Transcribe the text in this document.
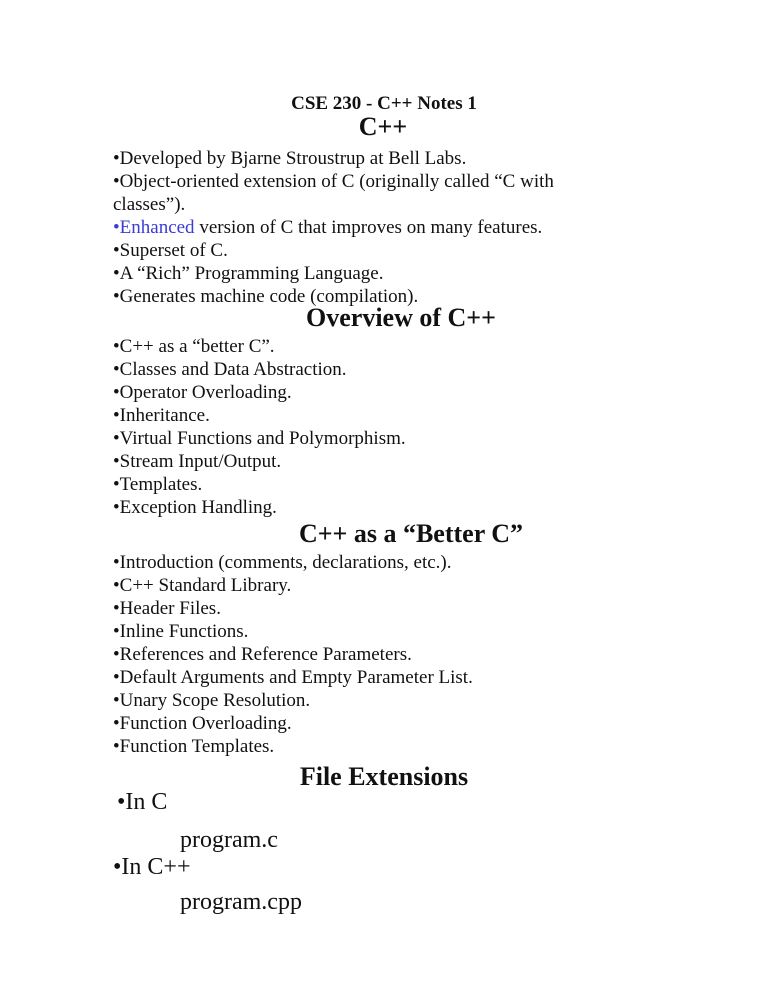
CSE 230 - C++ Notes 1
C++
•Developed by Bjarne Stroustrup at Bell Labs.
•Object-oriented extension of C (originally called “C with classes”).
•Enhanced version of C that improves on many features.
•Superset of C.
•A “Rich” Programming Language.
•Generates machine code (compilation).
Overview of C++
•C++ as a “better C”.
•Classes and Data Abstraction.
•Operator Overloading.
•Inheritance.
•Virtual Functions and Polymorphism.
•Stream Input/Output.
•Templates.
•Exception Handling.
C++ as a “Better C”
•Introduction (comments, declarations, etc.).
•C++ Standard Library.
•Header Files.
•Inline Functions.
•References and Reference Parameters.
•Default Arguments and Empty Parameter List.
•Unary Scope Resolution.
•Function Overloading.
•Function Templates.
File Extensions
•In C
program.c
•In C++
program.cpp
